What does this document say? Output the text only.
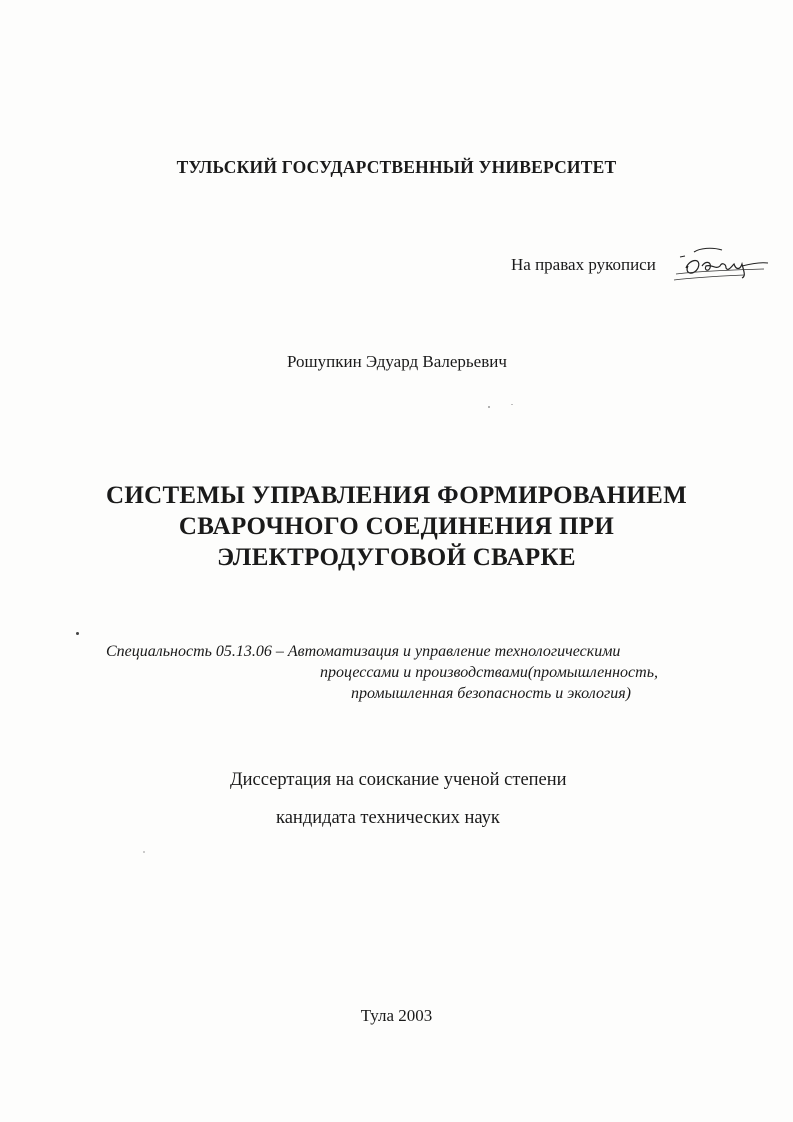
ТУЛЬСКИЙ ГОСУДАРСТВЕННЫЙ УНИВЕРСИТЕТ
На правах рукописи
Рошупкин Эдуард Валерьевич
СИСТЕМЫ УПРАВЛЕНИЯ ФОРМИРОВАНИЕМ
СВАРОЧНОГО СОЕДИНЕНИЯ ПРИ
ЭЛЕКТРОДУГОВОЙ СВАРКЕ
Специальность 05.13.06 – Автоматизация и управление технологическими
процессами и производствами(промышленность,
промышленная безопасность и экология)
Диссертация на соискание ученой степени
кандидата технических наук
Тула 2003
